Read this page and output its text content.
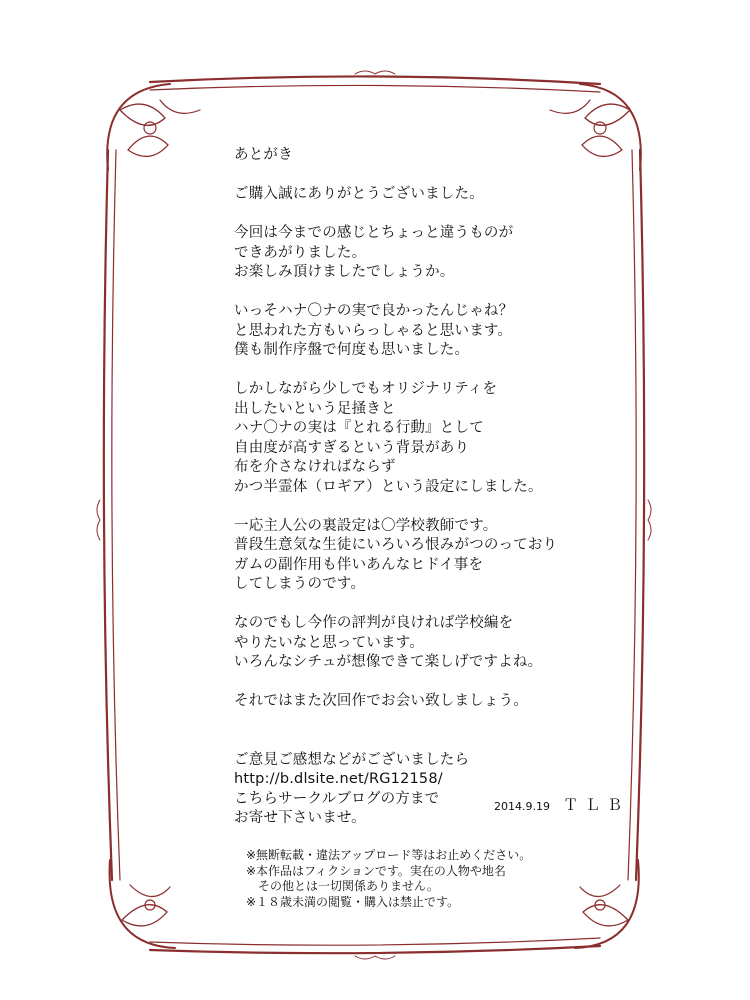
あとがき
ご購入誠にありがとうございました。
今回は今までの感じとちょっと違うものが
できあがりました。
お楽しみ頂けましたでしょうか。
いっそハナ〇ナの実で良かったんじゃね？
と思われた方もいらっしゃると思います。
僕も制作序盤で何度も思いました。
しかしながら少しでもオリジナリティを
出したいという足掻きと
ハナ〇ナの実は『とれる行動』として
自由度が高すぎるという背景があり
布を介さなければならず
かつ半霊体（ロギア）という設定にしました。
一応主人公の裏設定は〇学校教師です。
普段生意気な生徒にいろいろ恨みがつのっており
ガムの副作用も伴いあんなヒドイ事を
してしまうのです。
なのでもし今作の評判が良ければ学校編を
やりたいなと思っています。
いろんなシチュが想像できて楽しげですよね。
それではまた次回作でお会い致しましょう。
ご意見ご感想などがございましたら
http://b.dlsite.net/RG12158/
こちらサークルブログの方まで
お寄せ下さいませ。
2014.9.19 ＴＬＢ
※無断転載・違法アップロード等はお止めください。
※本作品はフィクションです。実在の人物や地名
　その他とは一切関係ありません。
※１８歳未満の閲覧・購入は禁止です。
